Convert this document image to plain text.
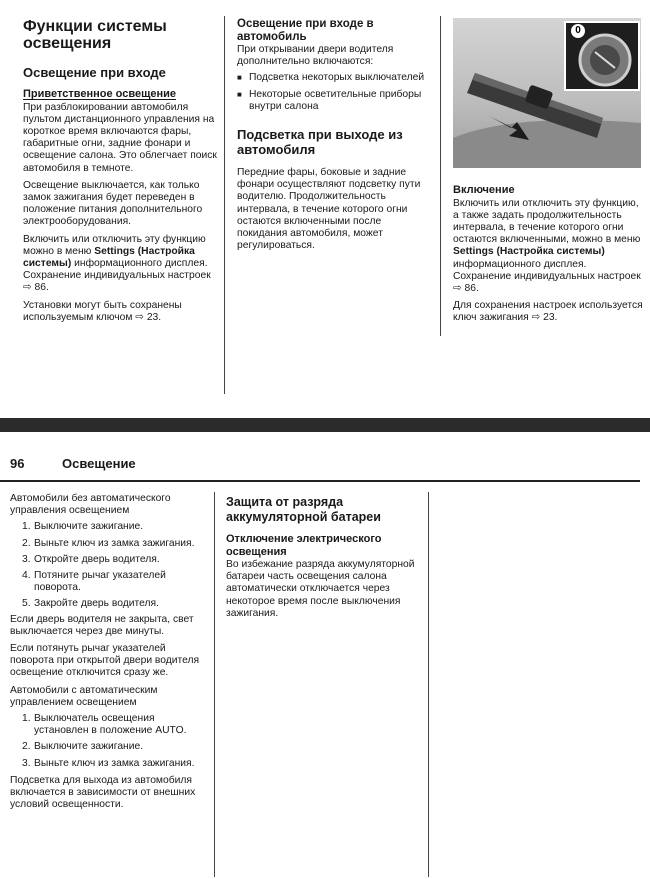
Функции системы освещения
Освещение при входе
Приветственное освещение

При разблокировании автомобиля пультом дистанционного управления на короткое время включаются фары, габаритные огни, задние фонари и освещение салона. Это облегчает поиск автомобиля в темноте.

Освещение выключается, как только замок зажигания будет переведен в положение питания дополнительного электрооборудования.

Включить или отключить эту функцию можно в меню Settings (Настройка системы) информационного дисплея. Сохранение индивидуальных настроек ⇨ 86.

Установки могут быть сохранены используемым ключом ⇨ 23.

Освещение при входе в автомобиль

При открывании двери водителя дополнительно включаются:

■ Подсветка некоторых выключателей
■ Некоторые осветительные приборы внутри салона
Подсветка при выходе из автомобиля

Передние фары, боковые и задние фонари осуществляют подсветку пути водителю. Продолжительность интервала, в течение которого огни остаются включенными после покидания автомобиля, может регулироваться.

0
Включение

Включить или отключить эту функцию, а также задать продолжительность интервала, в течение которого огни остаются включенными, можно в меню Settings (Настройка системы) информационного дисплея. Сохранение индивидуальных настроек ⇨ 86.

Для сохранения настроек используется ключ зажигания ⇨ 23.

96	Освещение

Автомобили без автоматического управления освещением

1. Выключите зажигание.
2. Выньте ключ из замка зажигания.
3. Откройте дверь водителя.
4. Потяните рычаг указателей поворота.
5. Закройте дверь водителя.

Если дверь водителя не закрыта, свет выключается через две минуты.

Если потянуть рычаг указателей поворота при открытой двери водителя освещение отключится сразу же.

Автомобили с автоматическим управлением освещением

1. Выключатель освещения установлен в положение AUTO.
2. Выключите зажигание.
3. Выньте ключ из замка зажигания.

Подсветка для выхода из автомобиля включается в зависимости от внешних условий освещенности.

Защита от разряда аккумуляторной батареи
Отключение электрического освещения

Во избежание разряда аккумуляторной батареи часть освещения салона автоматически отключается через некоторое время после выключения зажигания.
